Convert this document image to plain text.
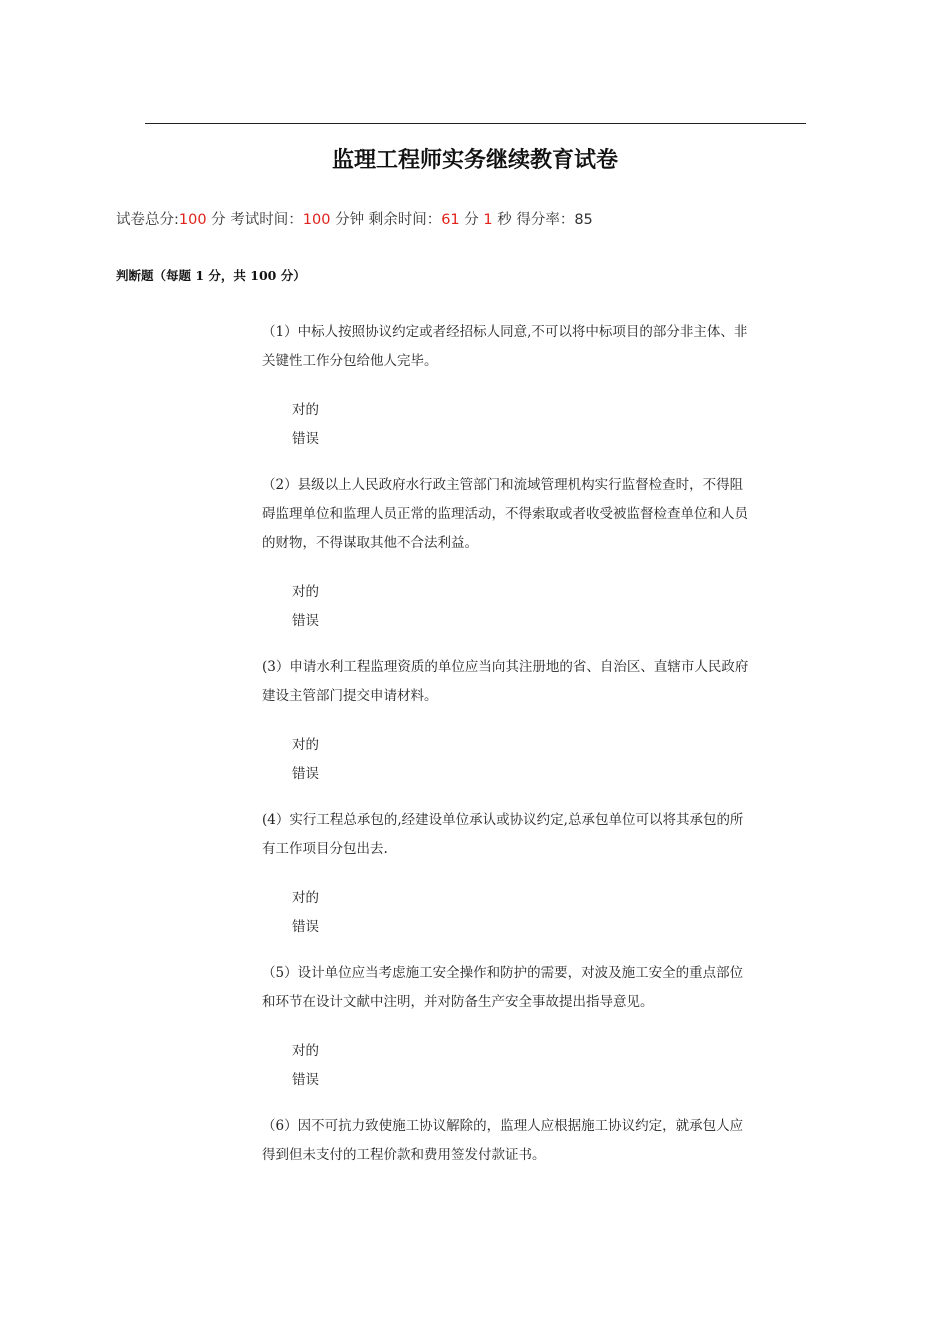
监理工程师实务继续教育试卷
试卷总分:100 分 考试时间：100 分钟 剩余时间：61 分 1 秒 得分率：85
判断题（每题 1 分，共 100 分）
（1）中标人按照协议约定或者经招标人同意,不可以将中标项目的部分非主体、非关键性工作分包给他人完毕。
对的
错误
（2）县级以上人民政府水行政主管部门和流域管理机构实行监督检查时，不得阻碍监理单位和监理人员正常的监理活动，不得索取或者收受被监督检查单位和人员的财物，不得谋取其他不合法利益。
对的
错误
(3）申请水利工程监理资质的单位应当向其注册地的省、自治区、直辖市人民政府建设主管部门提交申请材料。
对的
错误
(4）实行工程总承包的,经建设单位承认或协议约定,总承包单位可以将其承包的所有工作项目分包出去.
对的
错误
（5）设计单位应当考虑施工安全操作和防护的需要，对波及施工安全的重点部位和环节在设计文献中注明，并对防备生产安全事故提出指导意见。
对的
错误
（6）因不可抗力致使施工协议解除的，监理人应根据施工协议约定，就承包人应得到但未支付的工程价款和费用签发付款证书。
